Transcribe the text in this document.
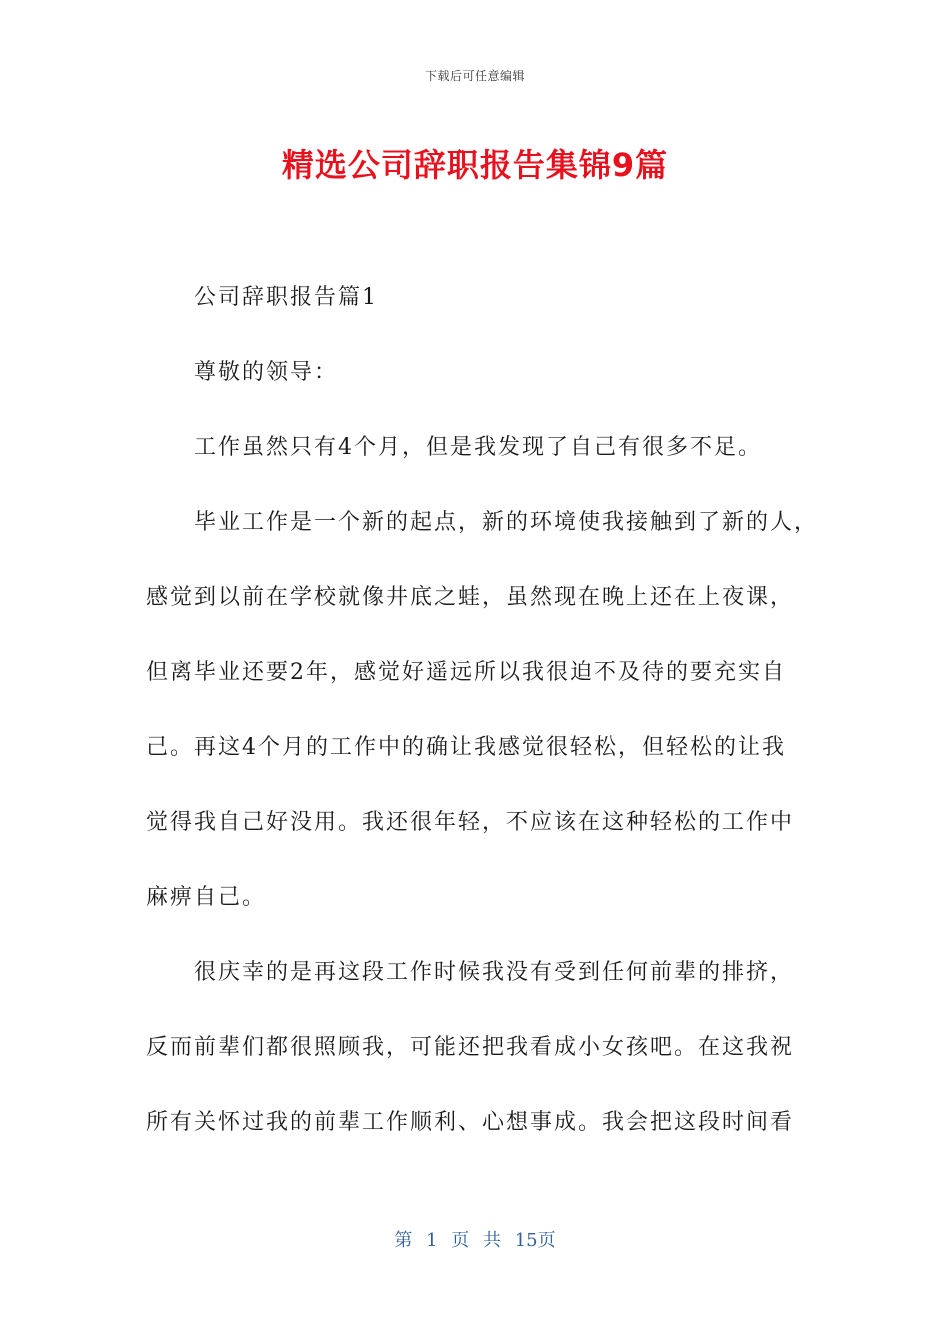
下载后可任意编辑
精选公司辞职报告集锦9篇
公司辞职报告篇1
尊敬的领导：
工作虽然只有4个月，但是我发现了自己有很多不足。
毕业工作是一个新的起点，新的环境使我接触到了新的人，
感觉到以前在学校就像井底之蛙，虽然现在晚上还在上夜课，
但离毕业还要2年，感觉好遥远所以我很迫不及待的要充实自
己。再这4个月的工作中的确让我感觉很轻松，但轻松的让我
觉得我自己好没用。我还很年轻，不应该在这种轻松的工作中
麻痹自己。
很庆幸的是再这段工作时候我没有受到任何前辈的排挤，
反而前辈们都很照顾我，可能还把我看成小女孩吧。在这我祝
所有关怀过我的前辈工作顺利、心想事成。我会把这段时间看
第 1 页 共 15页
